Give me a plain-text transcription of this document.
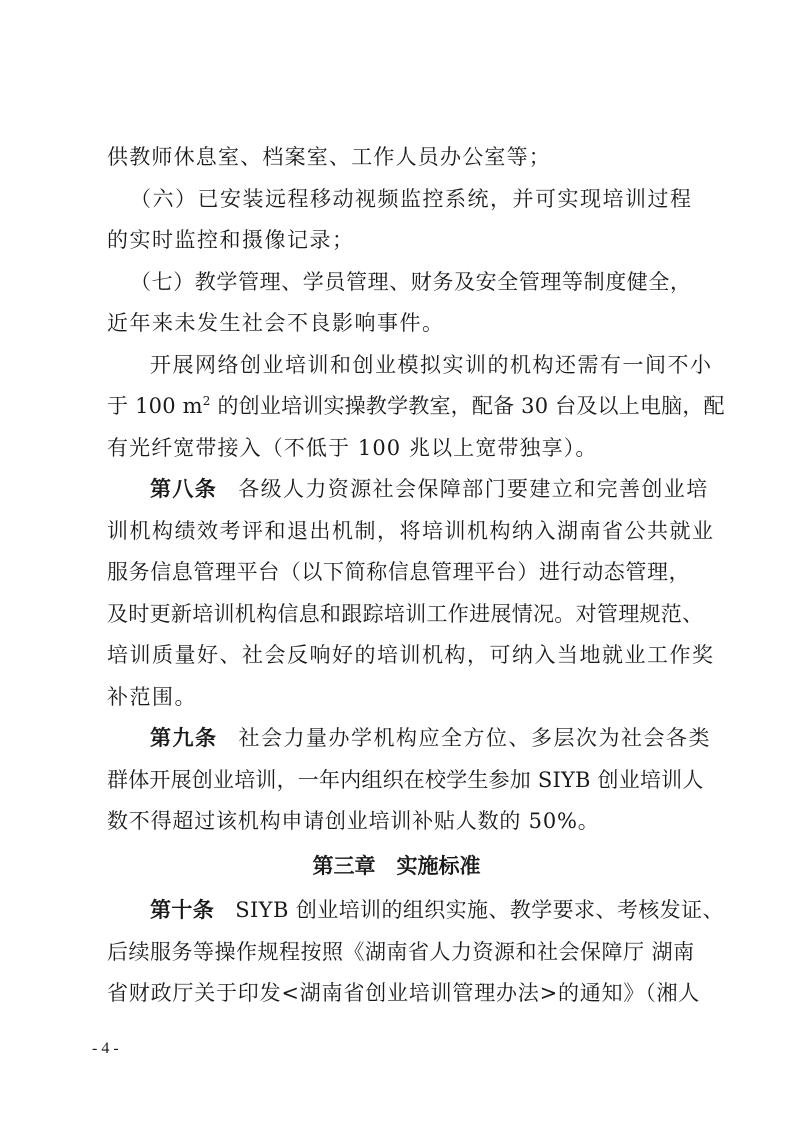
供教师休息室、档案室、工作人员办公室等；
（六）已安装远程移动视频监控系统，并可实现培训过程
的实时监控和摄像记录；
（七）教学管理、学员管理、财务及安全管理等制度健全，
近年来未发生社会不良影响事件。
开展网络创业培训和创业模拟实训的机构还需有一间不小
于 100 $m^2$ 的创业培训实操教学教室，配备 30 台及以上电脑，配
有光纤宽带接入（不低于 100 兆以上宽带独享）。
第八条 各级人力资源社会保障部门要建立和完善创业培
训机构绩效考评和退出机制，将培训机构纳入湖南省公共就业
服务信息管理平台（以下简称信息管理平台）进行动态管理，
及时更新培训机构信息和跟踪培训工作进展情况。对管理规范、
培训质量好、社会反响好的培训机构，可纳入当地就业工作奖
补范围。
第九条 社会力量办学机构应全方位、多层次为社会各类
群体开展创业培训，一年内组织在校学生参加 SIYB 创业培训人
数不得超过该机构申请创业培训补贴人数的 50%。
第三章　实施标准
第十条 SIYB 创业培训的组织实施、教学要求、考核发证、
后续服务等操作规程按照《湖南省人力资源和社会保障厅 湖南
省财政厅关于印发<湖南省创业培训管理办法>的通知》（湘人
- 4 -
